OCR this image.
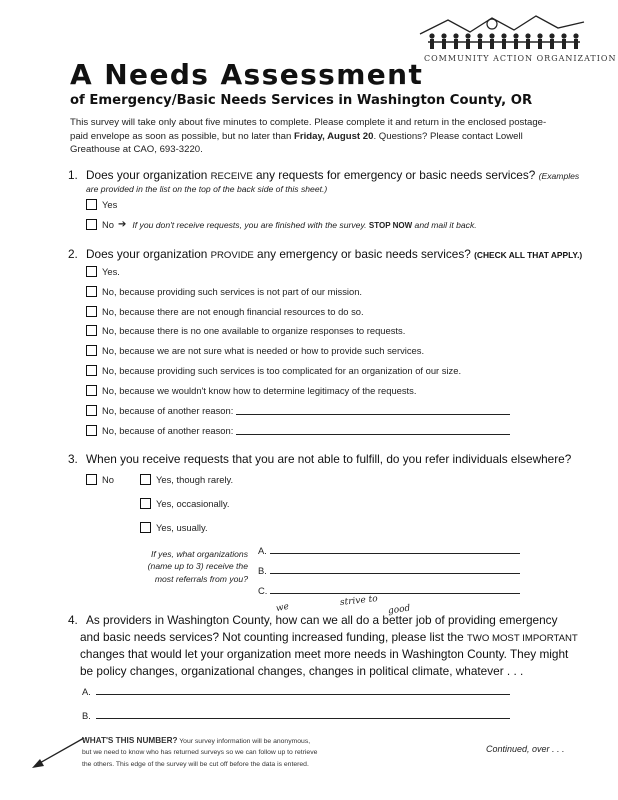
COMMUNITY ACTION ORGANIZATION
A Needs Assessment
of Emergency/Basic Needs Services in Washington County, OR
This survey will take only about five minutes to complete. Please complete it and return in the enclosed postage-paid envelope as soon as possible, but no later than Friday, August 20. Questions? Please contact Lowell Greathouse at CAO, 693-3220.
1. Does your organization RECEIVE any requests for emergency or basic needs services? (Examples
are provided in the list on the top of the back side of this sheet.)
Yes
No ➔ If you don't receive requests, you are finished with the survey. STOP NOW and mail it back.
2. Does your organization PROVIDE any emergency or basic needs services? (CHECK ALL THAT APPLY.)
Yes.
No, because providing such services is not part of our mission.
No, because there are not enough financial resources to do so.
No, because there is no one available to organize responses to requests.
No, because we are not sure what is needed or how to provide such services.
No, because providing such services is too complicated for an organization of our size.
No, because we wouldn't know how to determine legitimacy of the requests.
No, because of another reason:
No, because of another reason:
3. When you receive requests that you are not able to fulfill, do you refer individuals elsewhere?
No	Yes, though rarely.
Yes, occasionally.
Yes, usually.
If yes, what organizations (name up to 3) receive the most referrals from you?
A.
B.
C.
we
strive to
good
4. As providers in Washington County, how can we all do a better job of providing emergency
and basic needs services? Not counting increased funding, please list the TWO MOST IMPORTANT
changes that would let your organization meet more needs in Washington County. They might
be policy changes, organizational changes, changes in political climate, whatever . . .
A.
B.
WHAT'S THIS NUMBER? Your survey information will be anonymous,
but we need to know who has returned surveys so we can follow up to retrieve
the others. This edge of the survey will be cut off before the data is entered.
Continued, over . . .
